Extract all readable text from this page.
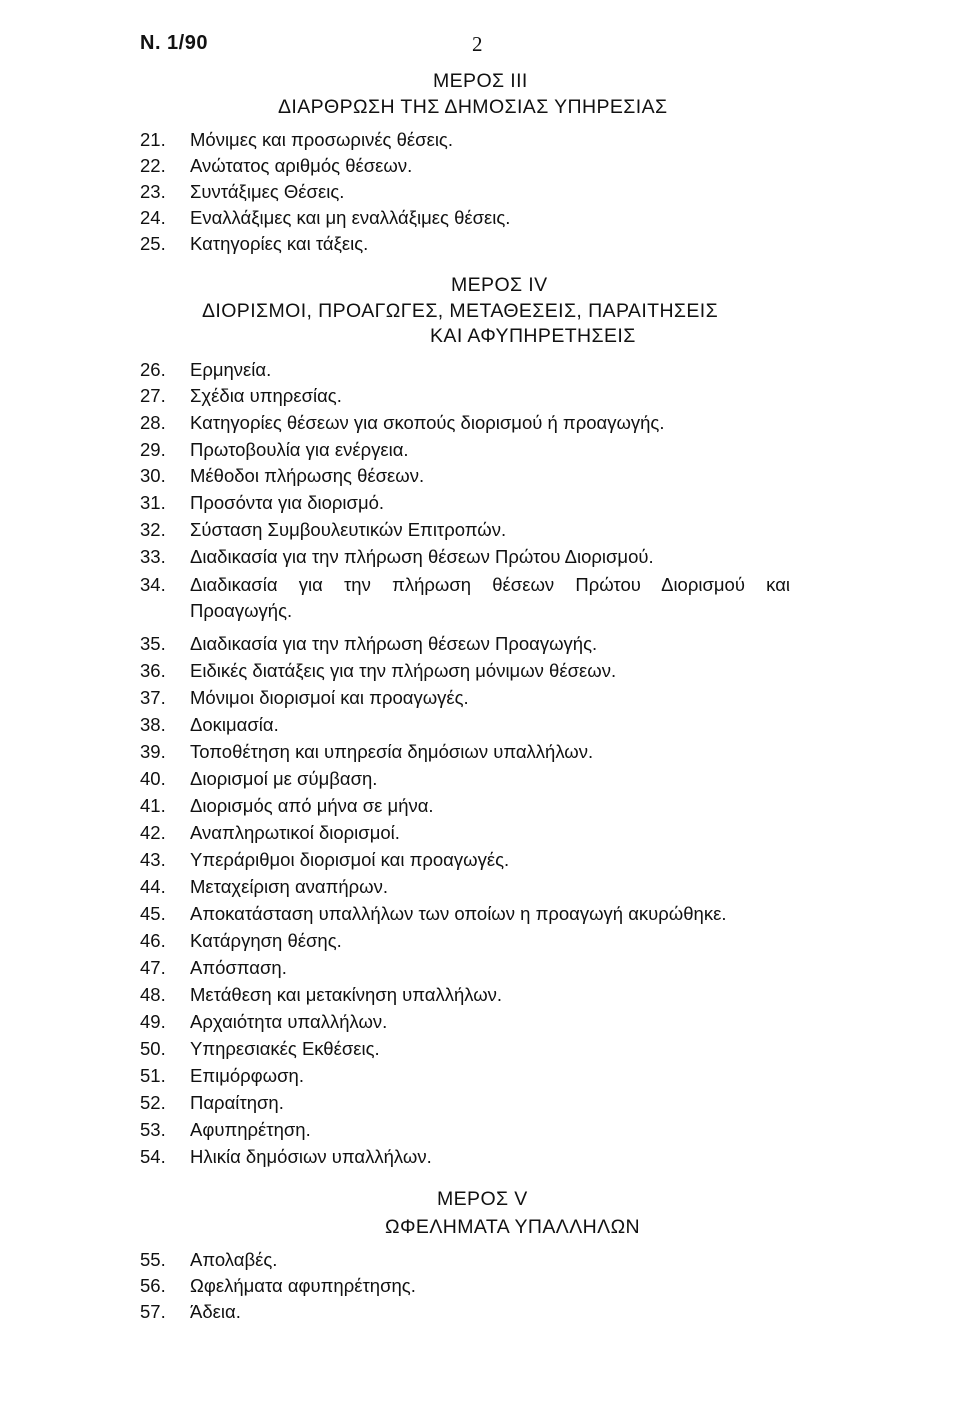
N. 1/90	2
ΜΕΡΟΣ ΙΙΙ
ΔΙΑΡΘΡΩΣΗ ΤΗΣ ΔΗΜΟΣΙΑΣ ΥΠΗΡΕΣΙΑΣ
21. Μόνιμες και προσωρινές θέσεις.
22. Ανώτατος αριθμός θέσεων.
23. Συντάξιμες Θέσεις.
24. Εναλλάξιμες και μη εναλλάξιμες θέσεις.
25. Κατηγορίες και τάξεις.
ΜΕΡΟΣ IV
ΔΙΟΡΙΣΜΟΙ, ΠΡΟΑΓΩΓΕΣ, ΜΕΤΑΘΕΣΕΙΣ, ΠΑΡΑΙΤΗΣΕΙΣ
ΚΑΙ ΑΦΥΠΗΡΕΤΗΣΕΙΣ
26. Ερμηνεία.
27. Σχέδια υπηρεσίας.
28. Κατηγορίες θέσεων για σκοπούς διορισμού ή προαγωγής.
29. Πρωτοβουλία για ενέργεια.
30. Μέθοδοι πλήρωσης θέσεων.
31. Προσόντα για διορισμό.
32. Σύσταση Συμβουλευτικών Επιτροπών.
33. Διαδικασία για την πλήρωση θέσεων Πρώτου Διορισμού.
34. Διαδικασία για την πλήρωση θέσεων Πρώτου Διορισμού και
Προαγωγής.
35. Διαδικασία για την πλήρωση θέσεων Προαγωγής.
36. Ειδικές διατάξεις για την πλήρωση μόνιμων θέσεων.
37. Μόνιμοι διορισμοί και προαγωγές.
38. Δοκιμασία.
39. Τοποθέτηση και υπηρεσία δημόσιων υπαλλήλων.
40. Διορισμοί με σύμβαση.
41. Διορισμός από μήνα σε μήνα.
42. Αναπληρωτικοί διορισμοί.
43. Υπεράριθμοι διορισμοί και προαγωγές.
44. Μεταχείριση αναπήρων.
45. Αποκατάσταση υπαλλήλων των οποίων η προαγωγή ακυρώθηκε.
46. Κατάργηση θέσης.
47. Απόσπαση.
48. Μετάθεση και μετακίνηση υπαλλήλων.
49. Αρχαιότητα υπαλλήλων.
50. Υπηρεσιακές Εκθέσεις.
51. Επιμόρφωση.
52. Παραίτηση.
53. Αφυπηρέτηση.
54. Ηλικία δημόσιων υπαλλήλων.
ΜΕΡΟΣ V
ΩΦΕΛΗΜΑΤΑ ΥΠΑΛΛΗΛΩΝ
55. Απολαβές.
56. Ωφελήματα αφυπηρέτησης.
57. Άδεια.
